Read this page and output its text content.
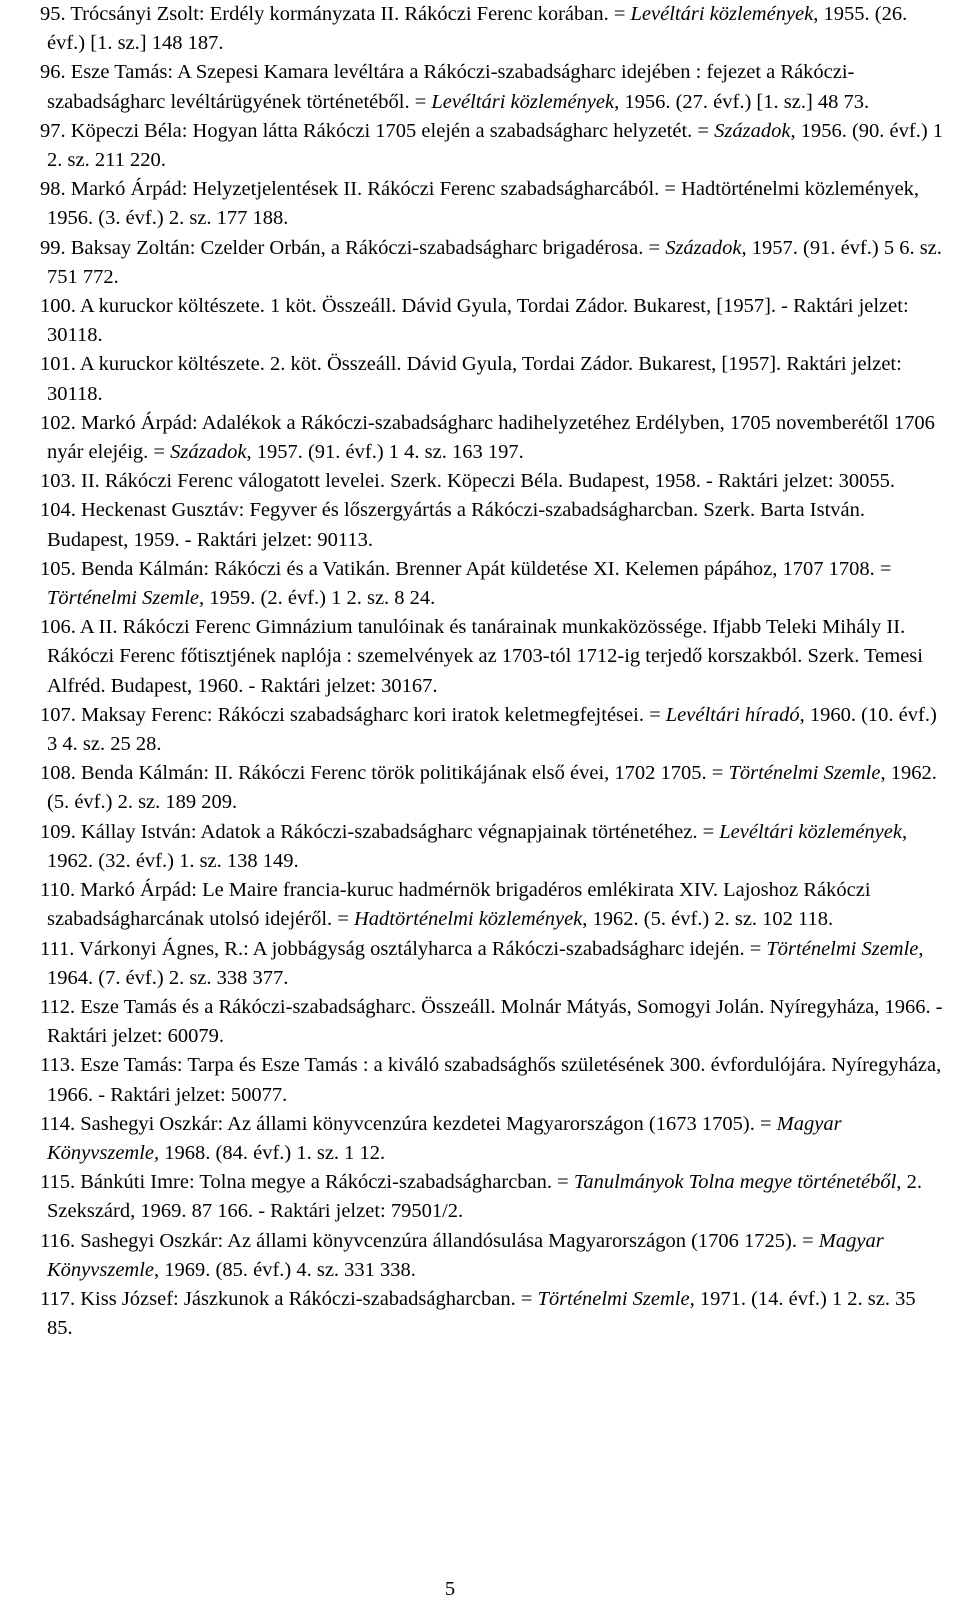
95. Trócsányi Zsolt: Erdély kormányzata II. Rákóczi Ferenc korában. = Levéltári közlemények, 1955. (26. évf.) [1. sz.] 148 187.
96. Esze Tamás: A Szepesi Kamara levéltára a Rákóczi-szabadságharc idejében : fejezet a Rákóczi-szabadságharc levéltárügyének történetéből. = Levéltári közlemények, 1956. (27. évf.) [1. sz.] 48 73.
97. Köpeczi Béla: Hogyan látta Rákóczi 1705 elején a szabadságharc helyzetét. = Századok, 1956. (90. évf.) 1 2. sz. 211 220.
98. Markó Árpád: Helyzetjelentések II. Rákóczi Ferenc szabadságharcából. = Hadtörténelmi közlemények, 1956. (3. évf.) 2. sz. 177 188.
99. Baksay Zoltán: Czelder Orbán, a Rákóczi-szabadságharc brigadérosa. = Századok, 1957. (91. évf.) 5 6. sz. 751 772.
100. A kuruckor költészete. 1 köt. Összeáll. Dávid Gyula, Tordai Zádor. Bukarest, [1957]. - Raktári jelzet: 30118.
101. A kuruckor költészete. 2. köt. Összeáll. Dávid Gyula, Tordai Zádor. Bukarest, [1957]. Raktári jelzet: 30118.
102. Markó Árpád: Adalékok a Rákóczi-szabadságharc hadihelyzetéhez Erdélyben, 1705 novemberétől 1706 nyár elejéig. = Századok, 1957. (91. évf.) 1 4. sz. 163 197.
103. II. Rákóczi Ferenc válogatott levelei. Szerk. Köpeczi Béla. Budapest, 1958. - Raktári jelzet: 30055.
104. Heckenast Gusztáv: Fegyver és lőszergyártás a Rákóczi-szabadságharcban. Szerk. Barta István. Budapest, 1959. - Raktári jelzet: 90113.
105. Benda Kálmán: Rákóczi és a Vatikán. Brenner Apát küldetése XI. Kelemen pápához, 1707 1708. = Történelmi Szemle, 1959. (2. évf.) 1 2. sz. 8 24.
106. A II. Rákóczi Ferenc Gimnázium tanulóinak és tanárainak munkaközössége. Ifjabb Teleki Mihály II. Rákóczi Ferenc főtisztjének naplója : szemelvények az 1703-tól 1712-ig terjedő korszakból. Szerk. Temesi Alfréd. Budapest, 1960. - Raktári jelzet: 30167.
107. Maksay Ferenc: Rákóczi szabadságharc kori iratok keletmegfejtései. = Levéltári híradó, 1960. (10. évf.) 3 4. sz. 25 28.
108. Benda Kálmán: II. Rákóczi Ferenc török politikájának első évei, 1702 1705. = Történelmi Szemle, 1962. (5. évf.) 2. sz. 189 209.
109. Kállay István: Adatok a Rákóczi-szabadságharc végnapjainak történetéhez. = Levéltári közlemények, 1962. (32. évf.) 1. sz. 138 149.
110. Markó Árpád: Le Maire francia-kuruc hadmérnök brigadéros emlékirata XIV. Lajoshoz Rákóczi szabadságharcának utolsó idejéről. = Hadtörténelmi közlemények, 1962. (5. évf.) 2. sz. 102 118.
111. Várkonyi Ágnes, R.: A jobbágyság osztályharca a Rákóczi-szabadságharc idején. = Történelmi Szemle, 1964. (7. évf.) 2. sz. 338 377.
112. Esze Tamás és a Rákóczi-szabadságharc. Összeáll. Molnár Mátyás, Somogyi Jolán. Nyíregyháza, 1966. - Raktári jelzet: 60079.
113. Esze Tamás: Tarpa és Esze Tamás : a kiváló szabadsághős születésének 300. évfordulójára. Nyíregyháza, 1966. - Raktári jelzet: 50077.
114. Sashegyi Oszkár: Az állami könyvcenzúra kezdetei Magyarországon (1673 1705). = Magyar Könyvszemle, 1968. (84. évf.) 1. sz. 1 12.
115. Bánkúti Imre: Tolna megye a Rákóczi-szabadságharcban. = Tanulmányok Tolna megye történetéből, 2. Szekszárd, 1969. 87 166. - Raktári jelzet: 79501/2.
116. Sashegyi Oszkár: Az állami könyvcenzúra állandósulása Magyarországon (1706 1725). = Magyar Könyvszemle, 1969. (85. évf.) 4. sz. 331 338.
117. Kiss József: Jászkunok a Rákóczi-szabadságharcban. = Történelmi Szemle, 1971. (14. évf.) 1 2. sz. 35 85.
5
